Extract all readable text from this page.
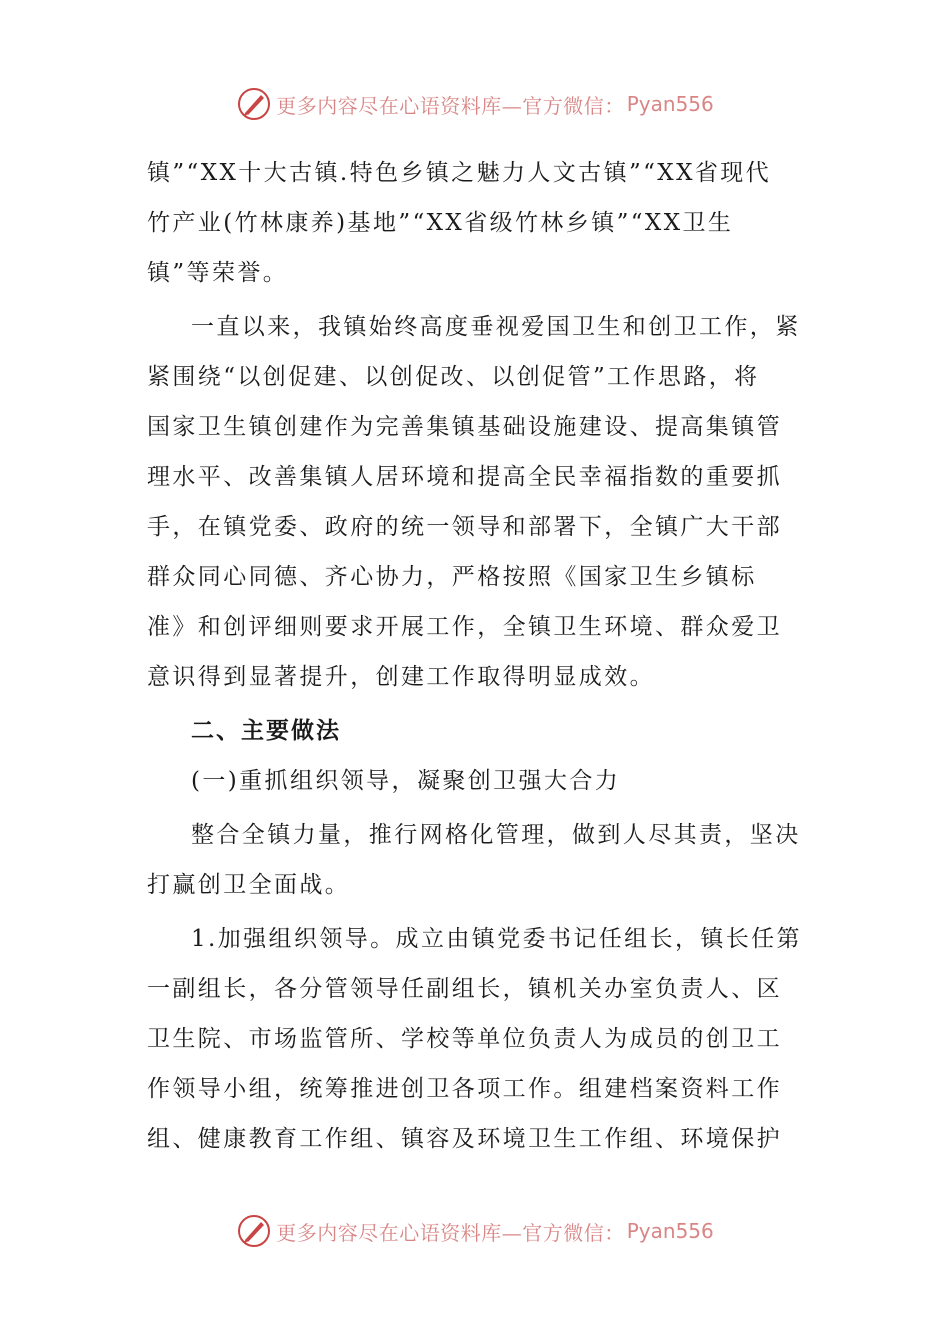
更多内容尽在心语资料库—官方微信： Pyan556
镇”“XX十大古镇.特色乡镇之魅力人文古镇”“XX省现代
竹产业(竹林康养)基地”“XX省级竹林乡镇”“XX卫生
镇”等荣誉。
一直以来，我镇始终高度垂视爱国卫生和创卫工作，紧
紧围绕“以创促建、以创促改、以创促管”工作思路，将
国家卫生镇创建作为完善集镇基础设施建设、提高集镇管
理水平、改善集镇人居环境和提高全民幸福指数的重要抓
手，在镇党委、政府的统一领导和部署下，全镇广大干部
群众同心同德、齐心协力，严格按照《国家卫生乡镇标
准》和创评细则要求开展工作，全镇卫生环境、群众爱卫
意识得到显著提升，创建工作取得明显成效。
二、主要做法
(一)重抓组织领导，凝聚创卫强大合力
整合全镇力量，推行网格化管理，做到人尽其责，坚决
打赢创卫全面战。
1.加强组织领导。成立由镇党委书记任组长，镇长任第
一副组长，各分管领导任副组长，镇机关办室负责人、区
卫生院、市场监管所、学校等单位负责人为成员的创卫工
作领导小组，统筹推进创卫各项工作。组建档案资料工作
组、健康教育工作组、镇容及环境卫生工作组、环境保护
更多内容尽在心语资料库—官方微信： Pyan556
